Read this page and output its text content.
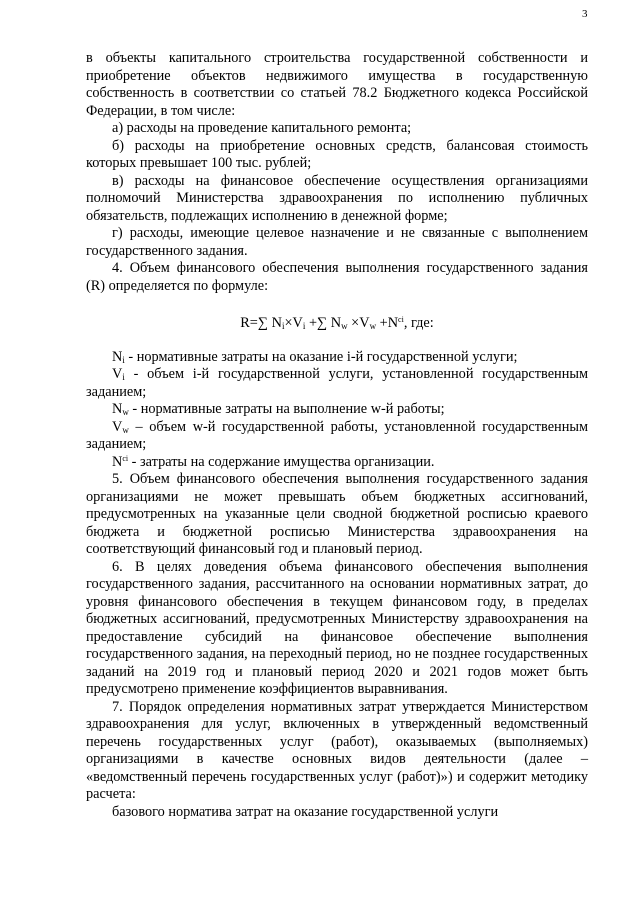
3

в объекты капитального строительства государственной собственности и приобретение объектов недвижимого имущества в государственную собственность в соответствии со статьей 78.2 Бюджетного кодекса Российской Федерации, в том числе:

а) расходы на проведение капитального ремонта;

б) расходы на приобретение основных средств, балансовая стоимость которых превышает 100 тыс. рублей;

в) расходы на финансовое обеспечение осуществления организациями полномочий Министерства здравоохранения по исполнению публичных обязательств, подлежащих исполнению в денежной форме;

г) расходы, имеющие целевое назначение и не связанные с выполнением государственного задания.

4. Объем финансового обеспечения выполнения государственного задания (R) определяется по формуле:

R=∑ $N_i\times V_i$ +∑ $N_w \times V_w +N^{ci}$, где:

$N_i$ - нормативные затраты на оказание i-й государственной услуги;

$V_i$ - объем i-й государственной услуги, установленной государственным заданием;

$N_w$ - нормативные затраты на выполнение w-й работы;

$V_w$ – объем w-й государственной работы, установленной государственным заданием;

$N^{ci}$ - затраты на содержание имущества организации.

5. Объем финансового обеспечения выполнения государственного задания организациями не может превышать объем бюджетных ассигнований, предусмотренных на указанные цели сводной бюджетной росписью краевого бюджета и бюджетной росписью Министерства здравоохранения на соответствующий финансовый год и плановый период.

6. В целях доведения объема финансового обеспечения выполнения государственного задания, рассчитанного на основании нормативных затрат, до уровня финансового обеспечения в текущем финансовом году, в пределах бюджетных ассигнований, предусмотренных Министерству здравоохранения на предоставление субсидий на финансовое обеспечение выполнения государственного задания, на переходный период, но не позднее государственных заданий на 2019 год и плановый период 2020 и 2021 годов может быть предусмотрено применение коэффициентов выравнивания.

7. Порядок определения нормативных затрат утверждается Министерством здравоохранения для услуг, включенных в утвержденный ведомственный перечень государственных услуг (работ), оказываемых (выполняемых) организациями в качестве основных видов деятельности (далее – «ведомственный перечень государственных услуг (работ)») и содержит методику расчета:

базового норматива затрат на оказание государственной услуги
